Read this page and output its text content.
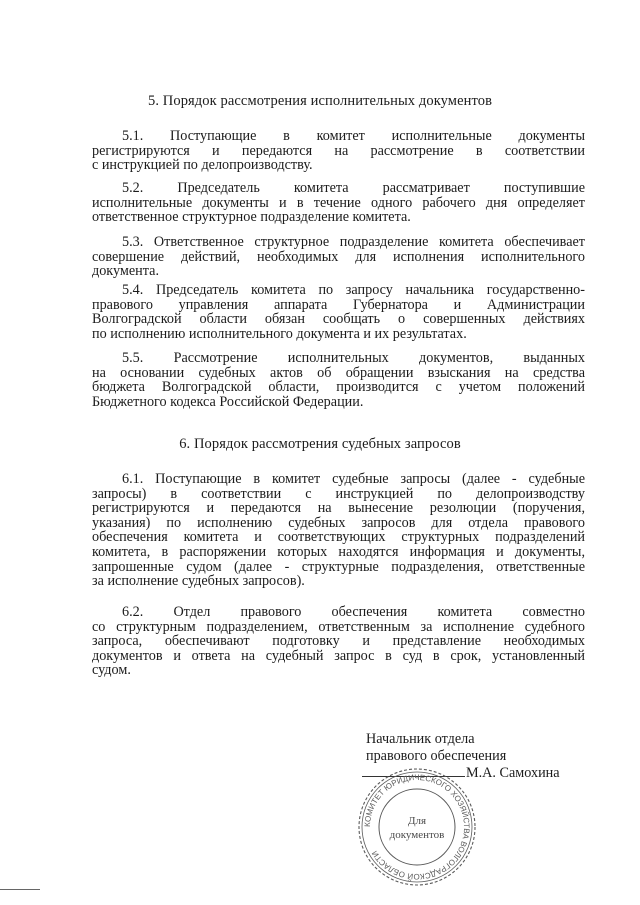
5. Порядок рассмотрения исполнительных документов
5.1. Поступающие в комитет исполнительные документы
регистрируются и передаются на рассмотрение в соответствии
с инструкцией по делопроизводству.
5.2. Председатель комитета рассматривает поступившие
исполнительные документы и в течение одного рабочего дня определяет
ответственное структурное подразделение комитета.
5.3. Ответственное структурное подразделение комитета обеспечивает
совершение действий, необходимых для исполнения исполнительного
документа.
5.4. Председатель комитета по запросу начальника государственно-
правового управления аппарата Губернатора и Администрации
Волгоградской области обязан сообщать о совершенных действиях
по исполнению исполнительного документа и их результатах.
5.5. Рассмотрение исполнительных документов, выданных
на основании судебных актов об обращении взыскания на средства
бюджета Волгоградской области, производится с учетом положений
Бюджетного кодекса Российской Федерации.
6. Порядок рассмотрения судебных запросов
6.1. Поступающие в комитет судебные запросы (далее - судебные
запросы) в соответствии с инструкцией по делопроизводству
регистрируются и передаются на вынесение резолюции (поручения,
указания) по исполнению судебных запросов для отдела правового
обеспечения комитета и соответствующих структурных подразделений
комитета, в распоряжении которых находятся информация и документы,
запрошенные судом (далее - структурные подразделения, ответственные
за исполнение судебных запросов).
6.2. Отдел правового обеспечения комитета совместно
со структурным подразделением, ответственным за исполнение судебного
запроса, обеспечивают подготовку и представление необходимых
документов и ответа на судебный запрос в суд в срок, установленный
судом.
Начальник отдела
правового обеспечения
М.А. Самохина
КОМИТЕТ ЮРИДИЧЕСКОГО ХОЗЯЙСТВА ВОЛГОГРАДСКОЙ ОБЛАСТИ
Для
документов
